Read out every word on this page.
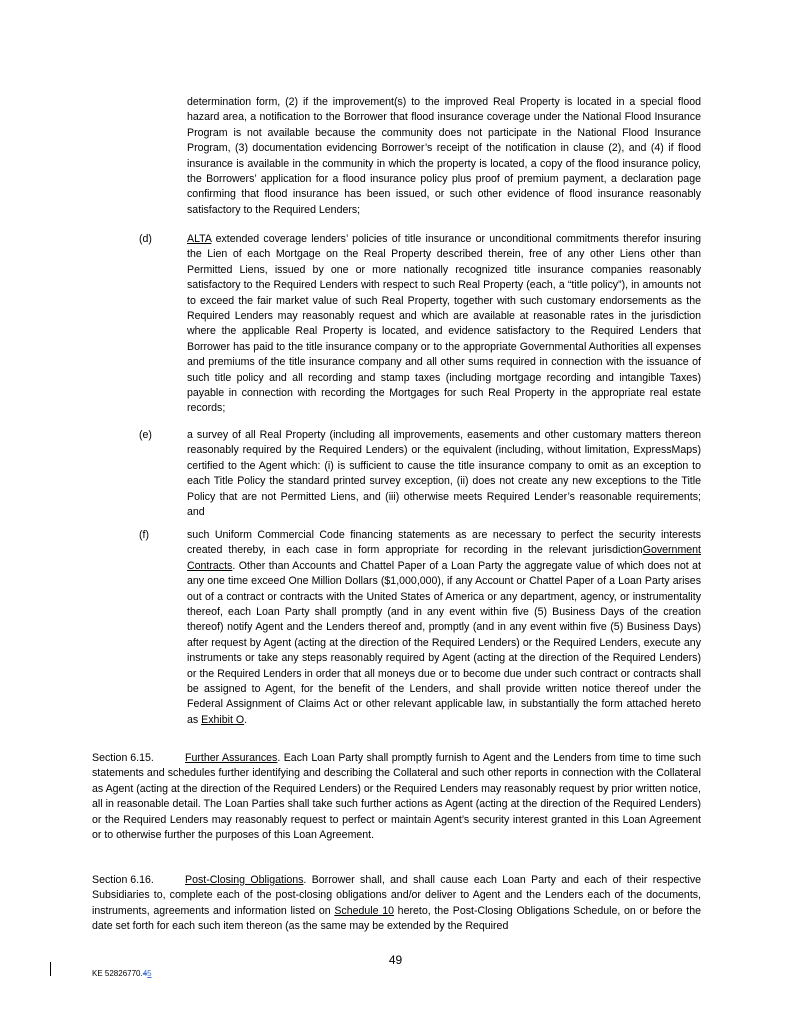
determination form, (2) if the improvement(s) to the improved Real Property is located in a special flood hazard area, a notification to the Borrower that flood insurance coverage under the National Flood Insurance Program is not available because the community does not participate in the National Flood Insurance Program, (3) documentation evidencing Borrower’s receipt of the notification in clause (2), and (4) if flood insurance is available in the community in which the property is located, a copy of the flood insurance policy, the Borrowers’ application for a flood insurance policy plus proof of premium payment, a declaration page confirming that flood insurance has been issued, or such other evidence of flood insurance reasonably satisfactory to the Required Lenders;

(d)	ALTA extended coverage lenders’ policies of title insurance or unconditional commitments therefor insuring the Lien of each Mortgage on the Real Property described therein, free of any other Liens other than Permitted Liens, issued by one or more nationally recognized title insurance companies reasonably satisfactory to the Required Lenders with respect to such Real Property (each, a “title policy”), in amounts not to exceed the fair market value of such Real Property, together with such customary endorsements as the Required Lenders may reasonably request and which are available at reasonable rates in the jurisdiction where the applicable Real Property is located, and evidence satisfactory to the Required Lenders that Borrower has paid to the title insurance company or to the appropriate Governmental Authorities all expenses and premiums of the title insurance company and all other sums required in connection with the issuance of such title policy and all recording and stamp taxes (including mortgage recording and intangible Taxes) payable in connection with recording the Mortgages for such Real Property in the appropriate real estate records;

(e)	a survey of all Real Property (including all improvements, easements and other customary matters thereon reasonably required by the Required Lenders) or the equivalent (including, without limitation, ExpressMaps) certified to the Agent which: (i) is sufficient to cause the title insurance company to omit as an exception to each Title Policy the standard printed survey exception, (ii) does not create any new exceptions to the Title Policy that are not Permitted Liens, and (iii) otherwise meets Required Lender’s reasonable requirements; and

(f)	such Uniform Commercial Code financing statements as are necessary to perfect the security interests created thereby, in each case in form appropriate for recording in the relevant jurisdictionGovernment Contracts. Other than Accounts and Chattel Paper of a Loan Party the aggregate value of which does not at any one time exceed One Million Dollars ($1,000,000), if any Account or Chattel Paper of a Loan Party arises out of a contract or contracts with the United States of America or any department, agency, or instrumentality thereof, each Loan Party shall promptly (and in any event within five (5) Business Days of the creation thereof) notify Agent and the Lenders thereof and, promptly (and in any event within five (5) Business Days) after request by Agent (acting at the direction of the Required Lenders) or the Required Lenders, execute any instruments or take any steps reasonably required by Agent (acting at the direction of the Required Lenders) or the Required Lenders in order that all moneys due or to become due under such contract or contracts shall be assigned to Agent, for the benefit of the Lenders, and shall provide written notice thereof under the Federal Assignment of Claims Act or other relevant applicable law, in substantially the form attached hereto as Exhibit O.

Section 6.15.	Further Assurances. Each Loan Party shall promptly furnish to Agent and the Lenders from time to time such statements and schedules further identifying and describing the Collateral and such other reports in connection with the Collateral as Agent (acting at the direction of the Required Lenders) or the Required Lenders may reasonably request by prior written notice, all in reasonable detail. The Loan Parties shall take such further actions as Agent (acting at the direction of the Required Lenders) or the Required Lenders may reasonably request to perfect or maintain Agent’s security interest granted in this Loan Agreement or to otherwise further the purposes of this Loan Agreement.

Section 6.16.	Post-Closing Obligations. Borrower shall, and shall cause each Loan Party and each of their respective Subsidiaries to, complete each of the post-closing obligations and/or deliver to Agent and the Lenders each of the documents, instruments, agreements and information listed on Schedule 10 hereto, the Post-Closing Obligations Schedule, on or before the date set forth for each such item thereon (as the same may be extended by the Required

49
KE 52826770.45
